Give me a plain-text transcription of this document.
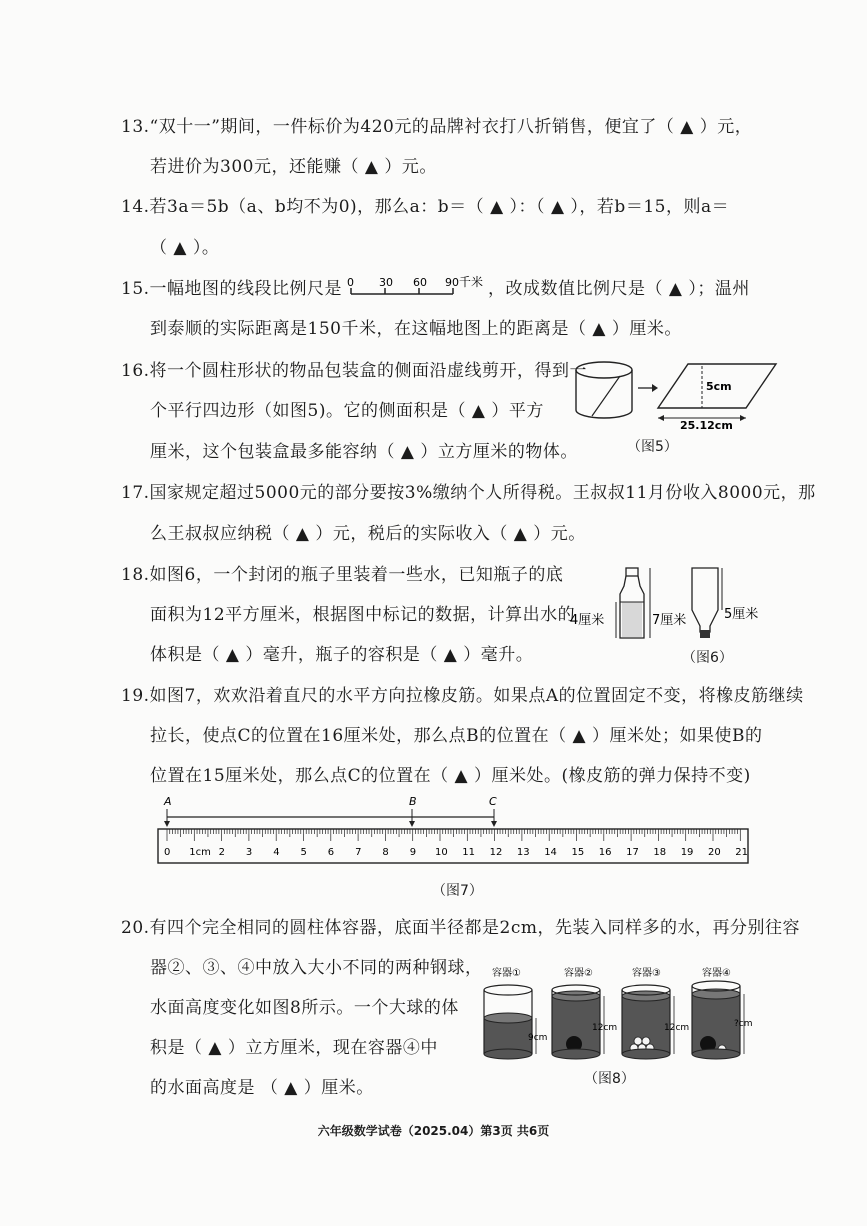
13.“双十一”期间，一件标价为420元的品牌衬衣打八折销售，便宜了（ ▲ ）元，
若进价为300元，还能赚（ ▲ ）元。
14.若3a＝5b（a、b均不为0)，那么a：b＝（ ▲ ）：（ ▲ ），若b＝15，则a＝
（ ▲ ）。
15.一幅地图的线段比例尺是 0 30 60 90 千米 ，改成数值比例尺是（ ▲ ）；温州
到泰顺的实际距离是150千米，在这幅地图上的距离是（ ▲ ）厘米。
16.将一个圆柱形状的物品包装盒的侧面沿虚线剪开，得到一
个平行四边形（如图5)。它的侧面积是（ ▲ ）平方
厘米，这个包装盒最多能容纳（ ▲ ）立方厘米的物体。
5cm
25.12cm
（图5）
17.国家规定超过5000元的部分要按3%缴纳个人所得税。王叔叔11月份收入8000元，那
么王叔叔应纳税（ ▲ ）元，税后的实际收入（ ▲ ）元。
18.如图6，一个封闭的瓶子里装着一些水，已知瓶子的底
面积为12平方厘米，根据图中标记的数据，计算出水的
体积是（ ▲ ）毫升，瓶子的容积是（ ▲ ）毫升。
4厘米	7厘米	5厘米
（图6）
19.如图7，欢欢沿着直尺的水平方向拉橡皮筋。如果点A的位置固定不变，将橡皮筋继续
拉长，使点C的位置在16厘米处，那么点B的位置在（ ▲ ）厘米处；如果使B的
位置在15厘米处，那么点C的位置在（ ▲ ）厘米处。(橡皮筋的弹力保持不变)
A	B	C
0 1cm 2 3 4 5 6 7 8 9 10 11 12 13 14 15 16 17 18 19 20 21
（图7）
20.有四个完全相同的圆柱体容器，底面半径都是2cm，先装入同样多的水，再分别往容
器②、③、④中放入大小不同的两种钢球，
水面高度变化如图8所示。一个大球的体
积是（ ▲ ）立方厘米，现在容器④中
的水面高度是 （ ▲ ）厘米。
容器①
9cm
容器②
12cm
容器③
12cm
容器④
?cm
（图8）
六年级数学试卷（2025.04）第3页 共6页
